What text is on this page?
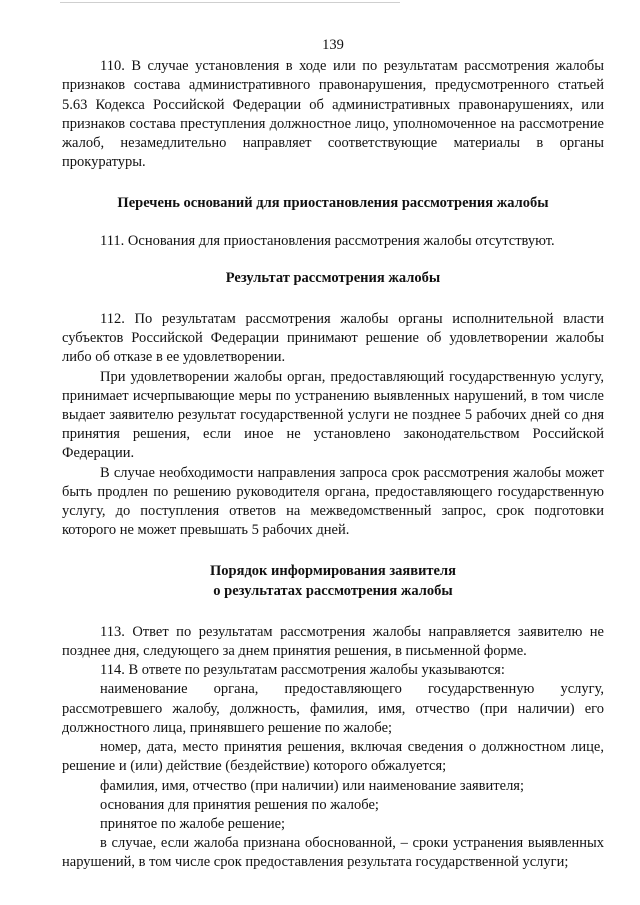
139

110. В случае установления в ходе или по результатам рассмотрения жалобы признаков состава административного правонарушения, предусмотренного статьей 5.63 Кодекса Российской Федерации об административных правонарушениях, или признаков состава преступления должностное лицо, уполномоченное на рассмотрение жалоб, незамедлительно направляет соответствующие материалы в органы прокуратуры.

Перечень оснований для приостановления рассмотрения жалобы

111. Основания для приостановления рассмотрения жалобы отсутствуют.

Результат рассмотрения жалобы

112. По результатам рассмотрения жалобы органы исполнительной власти субъектов Российской Федерации принимают решение об удовлетворении жалобы либо об отказе в ее удовлетворении.

При удовлетворении жалобы орган, предоставляющий государственную услугу, принимает исчерпывающие меры по устранению выявленных нарушений, в том числе выдает заявителю результат государственной услуги не позднее 5 рабочих дней со дня принятия решения, если иное не установлено законодательством Российской Федерации.

В случае необходимости направления запроса срок рассмотрения жалобы может быть продлен по решению руководителя органа, предоставляющего государственную услугу, до поступления ответов на межведомственный запрос, срок подготовки которого не может превышать 5 рабочих дней.

Порядок информирования заявителя
о результатах рассмотрения жалобы

113. Ответ по результатам рассмотрения жалобы направляется заявителю не позднее дня, следующего за днем принятия решения, в письменной форме.

114. В ответе по результатам рассмотрения жалобы указываются:

наименование органа, предоставляющего государственную услугу, рассмотревшего жалобу, должность, фамилия, имя, отчество (при наличии) его должностного лица, принявшего решение по жалобе;

номер, дата, место принятия решения, включая сведения о должностном лице, решение и (или) действие (бездействие) которого обжалуется;

фамилия, имя, отчество (при наличии) или наименование заявителя;

основания для принятия решения по жалобе;

принятое по жалобе решение;

в случае, если жалоба признана обоснованной, – сроки устранения выявленных нарушений, в том числе срок предоставления результата государственной услуги;
